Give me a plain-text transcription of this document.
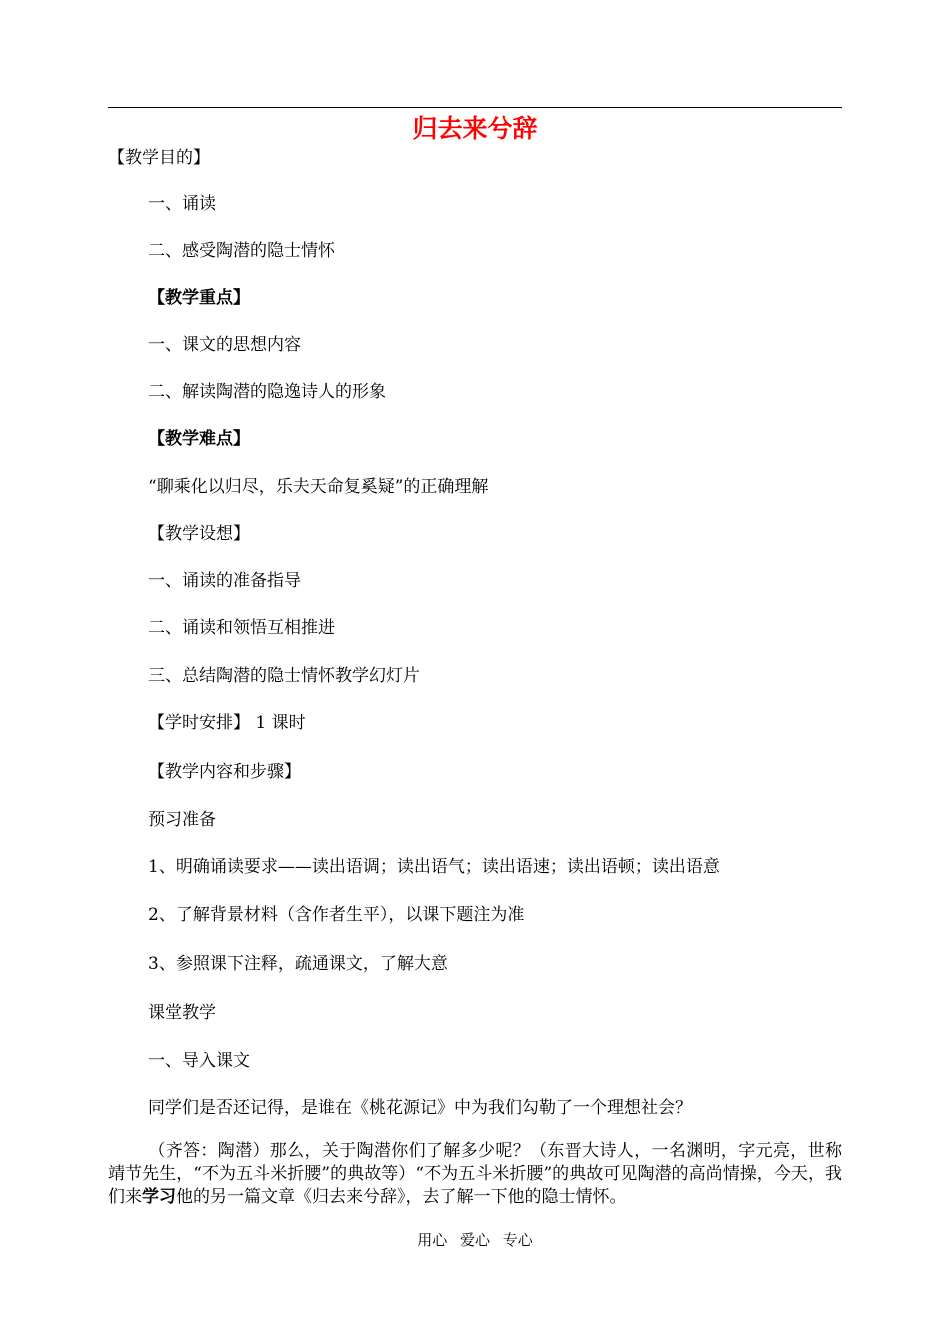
归去来兮辞
【教学目的】
一、诵读
二、感受陶潜的隐士情怀
【教学重点】
一、课文的思想内容
二、解读陶潜的隐逸诗人的形象
【教学难点】
“聊乘化以归尽，乐夫天命复奚疑”的正确理解
【教学设想】
一、诵读的准备指导
二、诵读和领悟互相推进
三、总结陶潜的隐士情怀教学幻灯片
【学时安排】 1 课时
【教学内容和步骤】
预习准备
1、明确诵读要求——读出语调；读出语气；读出语速；读出语顿；读出语意
2、了解背景材料（含作者生平），以课下题注为准
3、参照课下注释，疏通课文，了解大意
课堂教学
一、导入课文
同学们是否还记得，是谁在《桃花源记》中为我们勾勒了一个理想社会？
（齐答：陶潜）那么，关于陶潜你们了解多少呢？（东晋大诗人，一名渊明，字元亮，世称靖节先生，“不为五斗米折腰”的典故等）“不为五斗米折腰”的典故可见陶潜的高尚情操，今天，我们来学习他的另一篇文章《归去来兮辞》，去了解一下他的隐士情怀。
用心 爱心 专心
